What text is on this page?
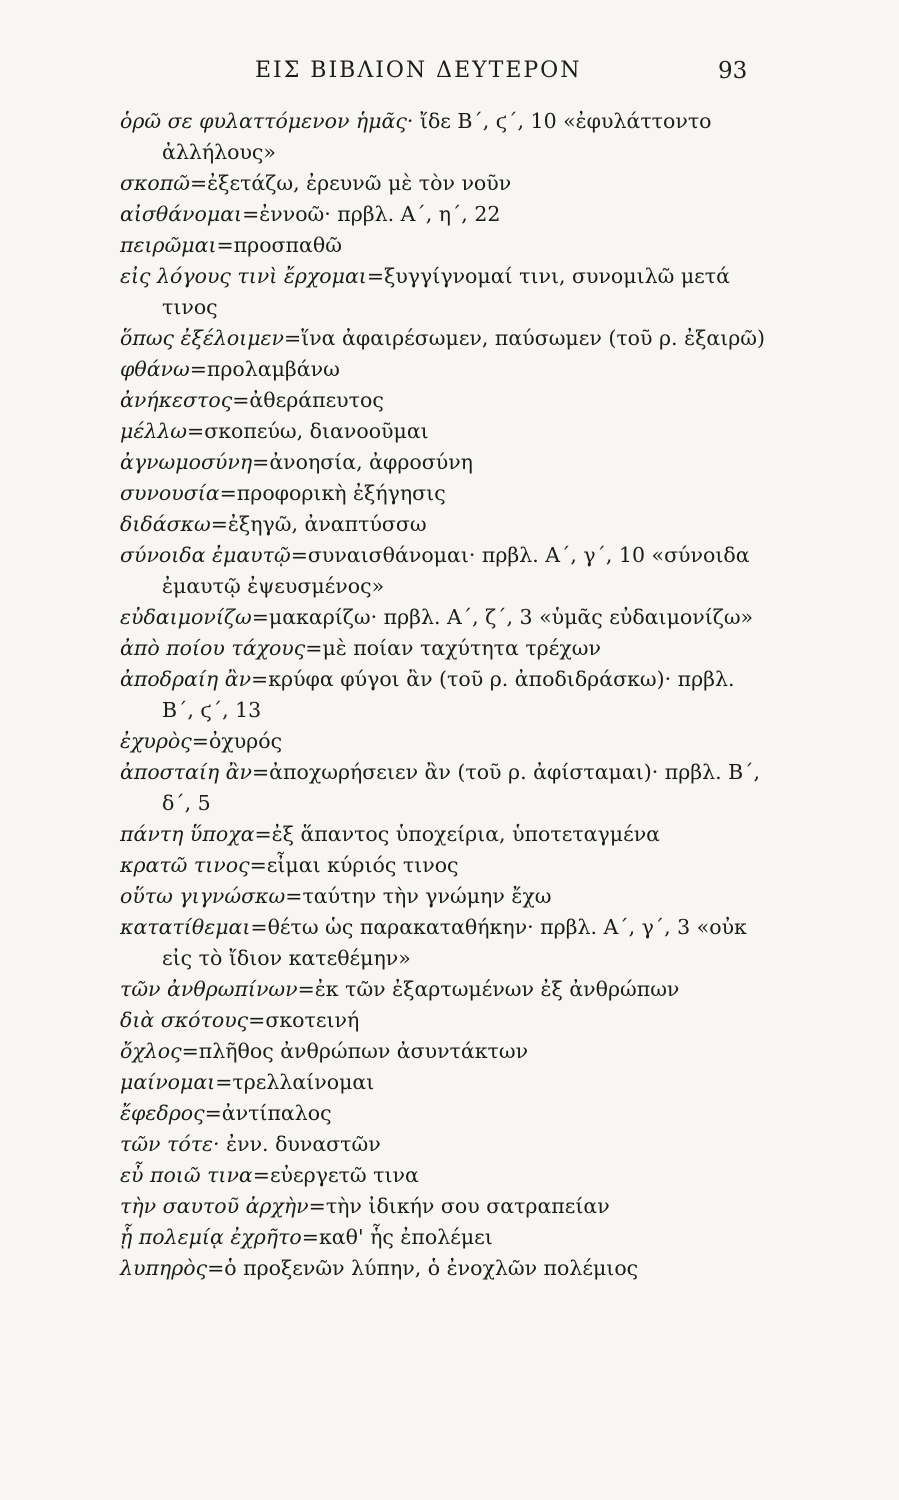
ΕΙΣ ΒΙΒΛΙΟΝ ΔΕΥΤΕΡΟΝ	93
ὁρῶ σε φυλαττόμενον ἡμᾶς· ἴδε Β΄, ϛ΄, 10 «ἐφυλάττοντο ἀλλήλους»
σκοπῶ=ἐξετάζω, ἐρευνῶ μὲ τὸν νοῦν
αἰσθάνομαι=ἐννοῶ· πρβλ. Α΄, η΄, 22
πειρῶμαι=προσπαθῶ
εἰς λόγους τινὶ ἔρχομαι=ξυγγίγνομαί τινι, συνομιλῶ μετά τινος
ὅπως ἐξέλοιμεν=ἵνα ἀφαιρέσωμεν, παύσωμεν (τοῦ ρ. ἐξαιρῶ)
φθάνω=προλαμβάνω
ἀνήκεστος=ἀθεράπευτος
μέλλω=σκοπεύω, διανοοῦμαι
ἀγνωμοσύνη=ἀνοησία, ἀφροσύνη
συνουσία=προφορικὴ ἐξήγησις
διδάσκω=ἐξηγῶ, ἀναπτύσσω
σύνοιδα ἐμαυτῷ=συναισθάνομαι· πρβλ. Α΄, γ΄, 10 «σύνοιδα ἐμαυτῷ ἐψευσμένος»
εὐδαιμονίζω=μακαρίζω· πρβλ. Α΄, ζ΄, 3 «ὑμᾶς εὐδαιμονίζω»
ἀπὸ ποίου τάχους=μὲ ποίαν ταχύτητα τρέχων
ἀποδραίη ἂν=κρύφα φύγοι ἂν (τοῦ ρ. ἀποδιδράσκω)· πρβλ. Β΄, ϛ΄, 13
ἐχυρὸς=ὀχυρός
ἀποσταίη ἂν=ἀποχωρήσειεν ἂν (τοῦ ρ. ἀφίσταμαι)· πρβλ. Β΄, δ΄, 5
πάντη ὕποχα=ἐξ ἅπαντος ὑποχείρια, ὑποτεταγμένα
κρατῶ τινος=εἶμαι κύριός τινος
οὕτω γιγνώσκω=ταύτην τὴν γνώμην ἔχω
κατατίθεμαι=θέτω ὡς παρακαταθήκην· πρβλ. Α΄, γ΄, 3 «οὐκ εἰς τὸ ἴδιον κατεθέμην»
τῶν ἀνθρωπίνων=ἐκ τῶν ἐξαρτωμένων ἐξ ἀνθρώπων
διὰ σκότους=σκοτεινή
ὄχλος=πλῆθος ἀνθρώπων ἀσυντάκτων
μαίνομαι=τρελλαίνομαι
ἔφεδρος=ἀντίπαλος
τῶν τότε· ἐνν. δυναστῶν
εὖ ποιῶ τινα=εὐεργετῶ τινα
τὴν σαυτοῦ ἀρχὴν=τὴν ἰδικήν σου σατραπείαν
ᾗ πολεμίᾳ ἐχρῆτο=καθ' ἧς ἐπολέμει
λυπηρὸς=ὁ προξενῶν λύπην, ὁ ἐνοχλῶν πολέμιος
